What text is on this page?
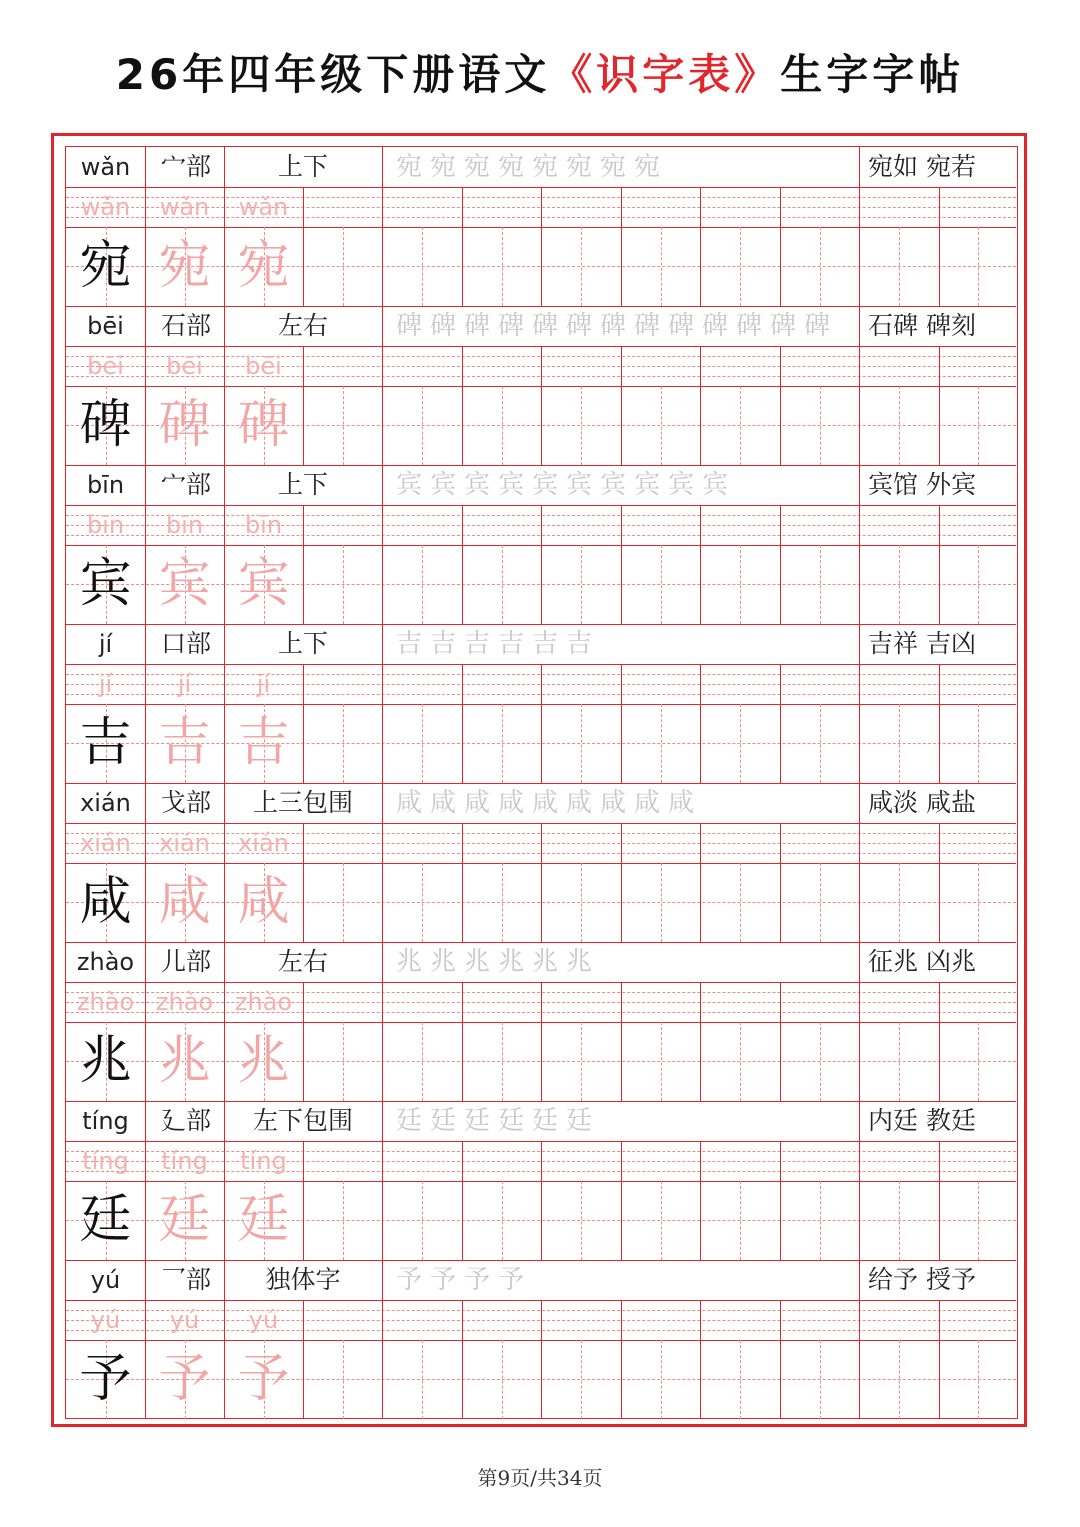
26年四年级下册语文《识字表》生字字帖
wǎn	宀部	上下	宛宛宛宛宛宛宛宛	宛如 宛若
wǎn	wǎn	wǎn
宛 宛 宛
bēi	石部	左右	碑碑碑碑碑碑碑碑碑碑碑碑碑 石碑 碑刻
bēi	bēi	bēi
碑 碑 碑
bīn	宀部	上下	宾宾宾宾宾宾宾宾宾宾	宾馆 外宾
bīn	bīn	bīn
宾 宾 宾
jí	口部	上下	吉吉吉吉吉吉	吉祥 吉凶
jí	jí	jí
吉 吉 吉
xián	戈部	上三包围	咸咸咸咸咸咸咸咸咸	咸淡 咸盐
xián	xián	xián
咸 咸 咸
zhào	儿部	左右	兆兆兆兆兆兆	征兆 凶兆
zhào zhào zhào
兆 兆 兆
tíng	廴部	左下包围	廷廷廷廷廷廷	内廷 教廷
tíng	tíng	tíng
廷 廷 廷
yú	乛部	独体字	予予予予	给予 授予
yú	yú	yú
予 予 予
第9页/共34页
